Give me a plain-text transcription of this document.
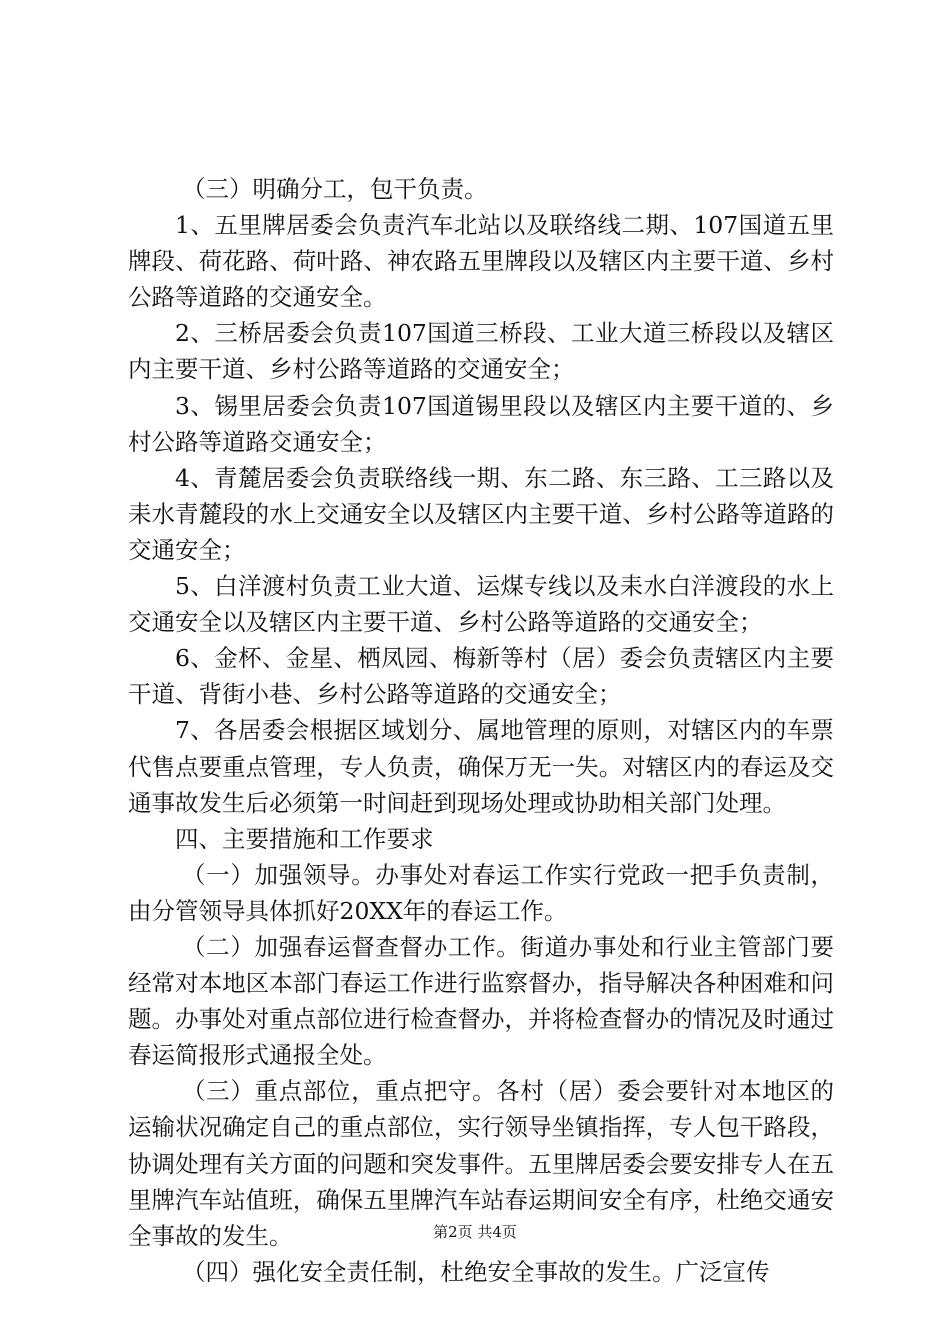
（三）明确分工，包干负责。

1、五里牌居委会负责汽车北站以及联络线二期、107国道五里牌段、荷花路、荷叶路、神农路五里牌段以及辖区内主要干道、乡村公路等道路的交通安全。

2、三桥居委会负责107国道三桥段、工业大道三桥段以及辖区内主要干道、乡村公路等道路的交通安全；

3、锡里居委会负责107国道锡里段以及辖区内主要干道的、乡村公路等道路交通安全；

4、青麓居委会负责联络线一期、东二路、东三路、工三路以及耒水青麓段的水上交通安全以及辖区内主要干道、乡村公路等道路的交通安全；

5、白洋渡村负责工业大道、运煤专线以及耒水白洋渡段的水上交通安全以及辖区内主要干道、乡村公路等道路的交通安全；

6、金杯、金星、栖凤园、梅新等村（居）委会负责辖区内主要干道、背街小巷、乡村公路等道路的交通安全；

7、各居委会根据区域划分、属地管理的原则，对辖区内的车票代售点要重点管理，专人负责，确保万无一失。对辖区内的春运及交通事故发生后必须第一时间赶到现场处理或协助相关部门处理。

四、主要措施和工作要求

（一）加强领导。办事处对春运工作实行党政一把手负责制，由分管领导具体抓好20XX年的春运工作。

（二）加强春运督查督办工作。街道办事处和行业主管部门要经常对本地区本部门春运工作进行监察督办，指导解决各种困难和问题。办事处对重点部位进行检查督办，并将检查督办的情况及时通过春运简报形式通报全处。

（三）重点部位，重点把守。各村（居）委会要针对本地区的运输状况确定自己的重点部位，实行领导坐镇指挥，专人包干路段，协调处理有关方面的问题和突发事件。五里牌居委会要安排专人在五里牌汽车站值班，确保五里牌汽车站春运期间安全有序，杜绝交通安全事故的发生。

（四）强化安全责任制，杜绝安全事故的发生。广泛宣传

第2页 共4页
